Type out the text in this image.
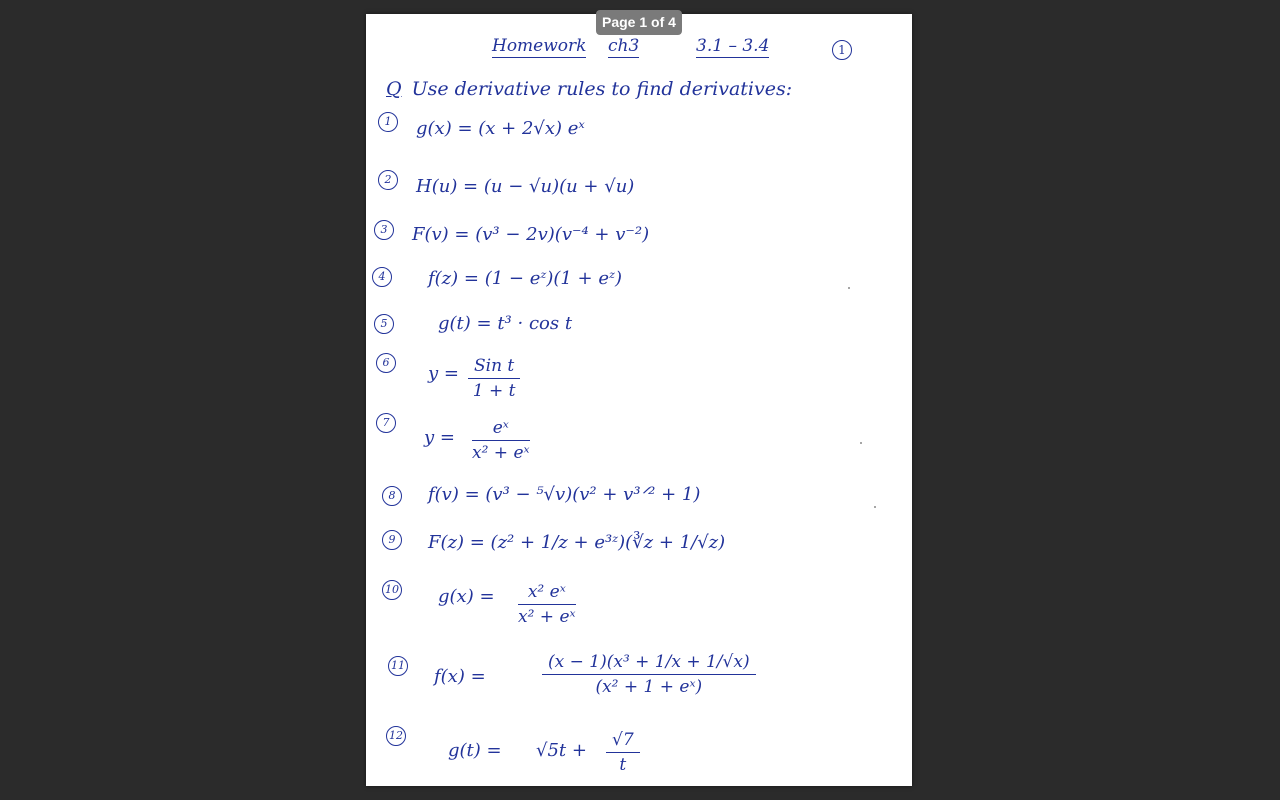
Page 1 of 4
Homework ch3	3.1 – 3.4	1
Q Use derivative rules to find derivatives:
1	g(x) = (x + 2√x) eˣ
2	H(u) = (u − √u)(u + √u)
3	F(v) = (v³ − 2v)(v⁻⁴ + v⁻²)
4	f(z) = (1 − eᶻ)(1 + eᶻ)
5	g(t) = t³ · cos t
6
y = Sin t
1 + t
7
$y = \frac{\text{eˣ}}{\text{x² + eˣ}}$
8	f(v) = (v³ − ⁵√v)(v² + v³ᐟ² + 1)
9	F(z) = (z² + 1/z + e³ᶻ)(∛z + 1/√z)
10 $g(x) = \frac{\text{x² eˣ}}{\text{x² + eˣ}}$
11
f(x) =	$\frac{\text{(x − 1)(x³ + 1/x + 1/√x)}}{\text{(x² + 1 + eˣ)}}$
12
$g(t) = √5t + \frac{√7}{t}$
